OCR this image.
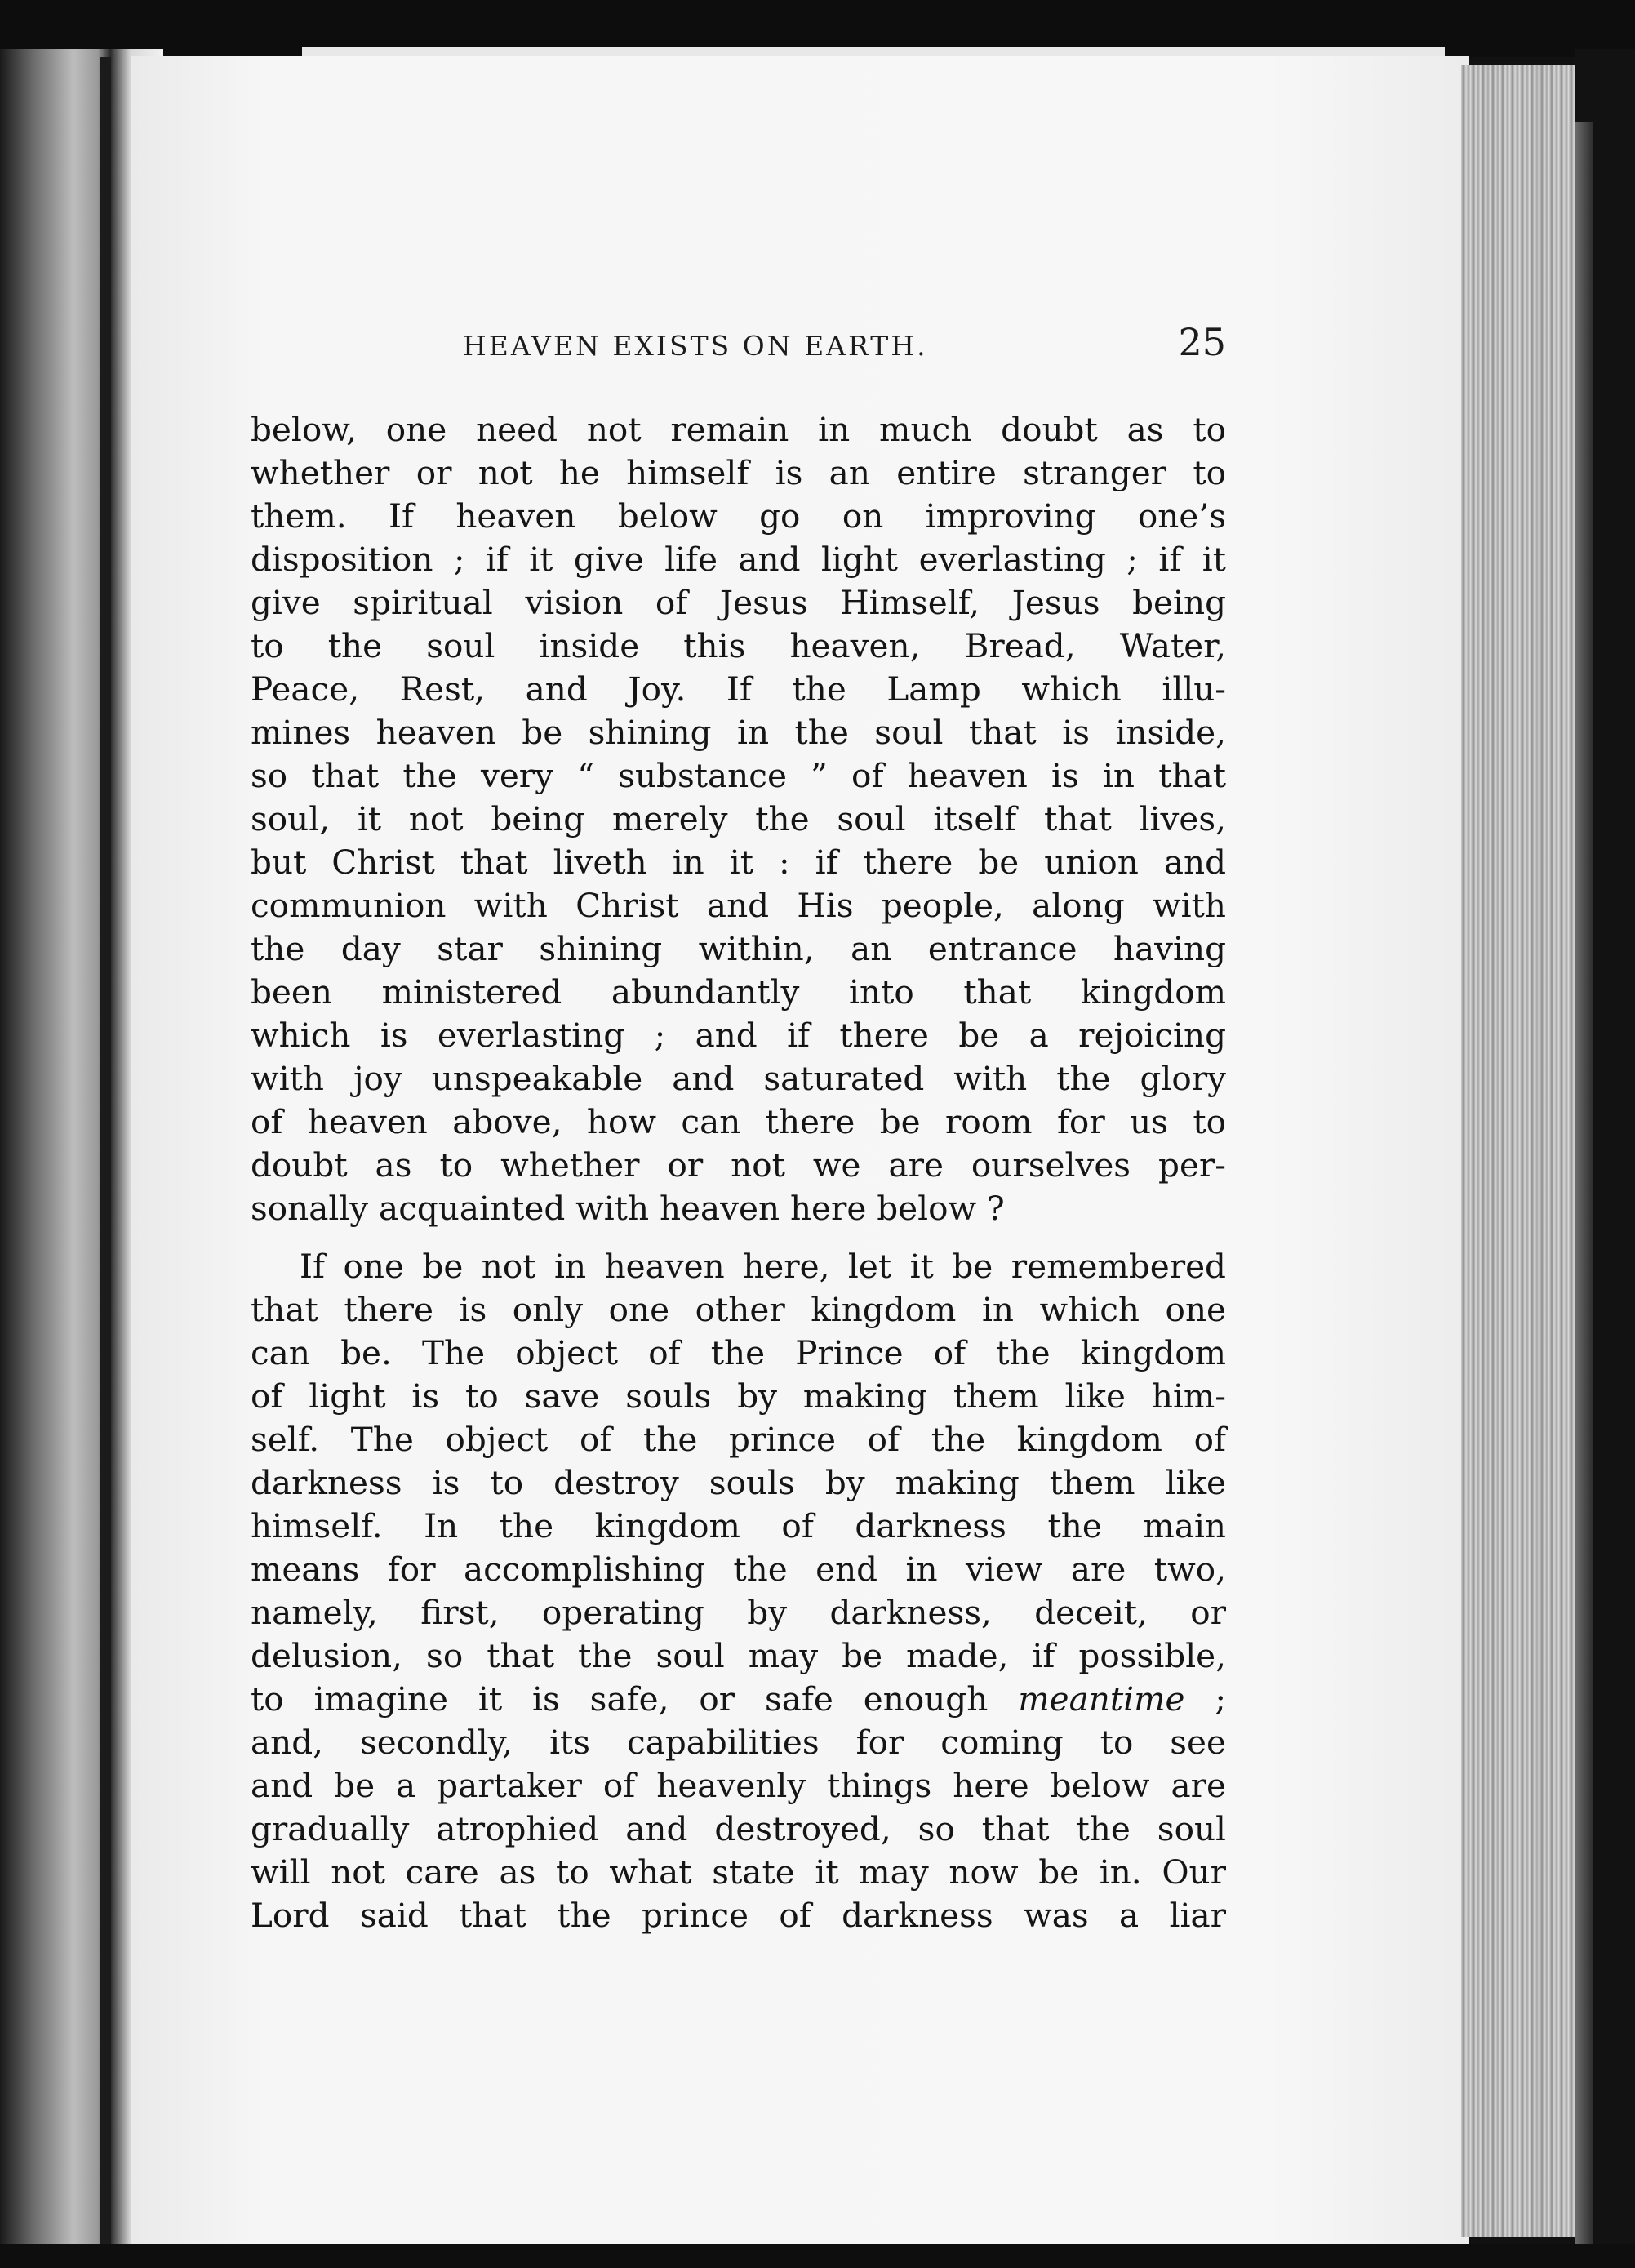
HEAVEN EXISTS ON EARTH.	25

below, one need not remain in much doubt as to
whether or not he himself is an entire stranger to
them. If heaven below go on improving one’s
disposition ; if it give life and light everlasting ; if it
give spiritual vision of Jesus Himself, Jesus being
to the soul inside this heaven, Bread, Water,
Peace, Rest, and Joy. If the Lamp which illu-
mines heaven be shining in the soul that is inside,
so that the very “ substance ” of heaven is in that
soul, it not being merely the soul itself that lives,
but Christ that liveth in it : if there be union and
communion with Christ and His people, along with
the day star shining within, an entrance having
been ministered abundantly into that kingdom
which is everlasting ; and if there be a rejoicing
with joy unspeakable and saturated with the glory
of heaven above, how can there be room for us to
doubt as to whether or not we are ourselves per-
sonally acquainted with heaven here below ?

If one be not in heaven here, let it be remembered
that there is only one other kingdom in which one
can be. The object of the Prince of the kingdom
of light is to save souls by making them like him-
self. The object of the prince of the kingdom of
darkness is to destroy souls by making them like
himself. In the kingdom of darkness the main
means for accomplishing the end in view are two,
namely, first, operating by darkness, deceit, or
delusion, so that the soul may be made, if possible,
to imagine it is safe, or safe enough meantime ;
and, secondly, its capabilities for coming to see
and be a partaker of heavenly things here below are
gradually atrophied and destroyed, so that the soul
will not care as to what state it may now be in. Our
Lord said that the prince of darkness was a liar
